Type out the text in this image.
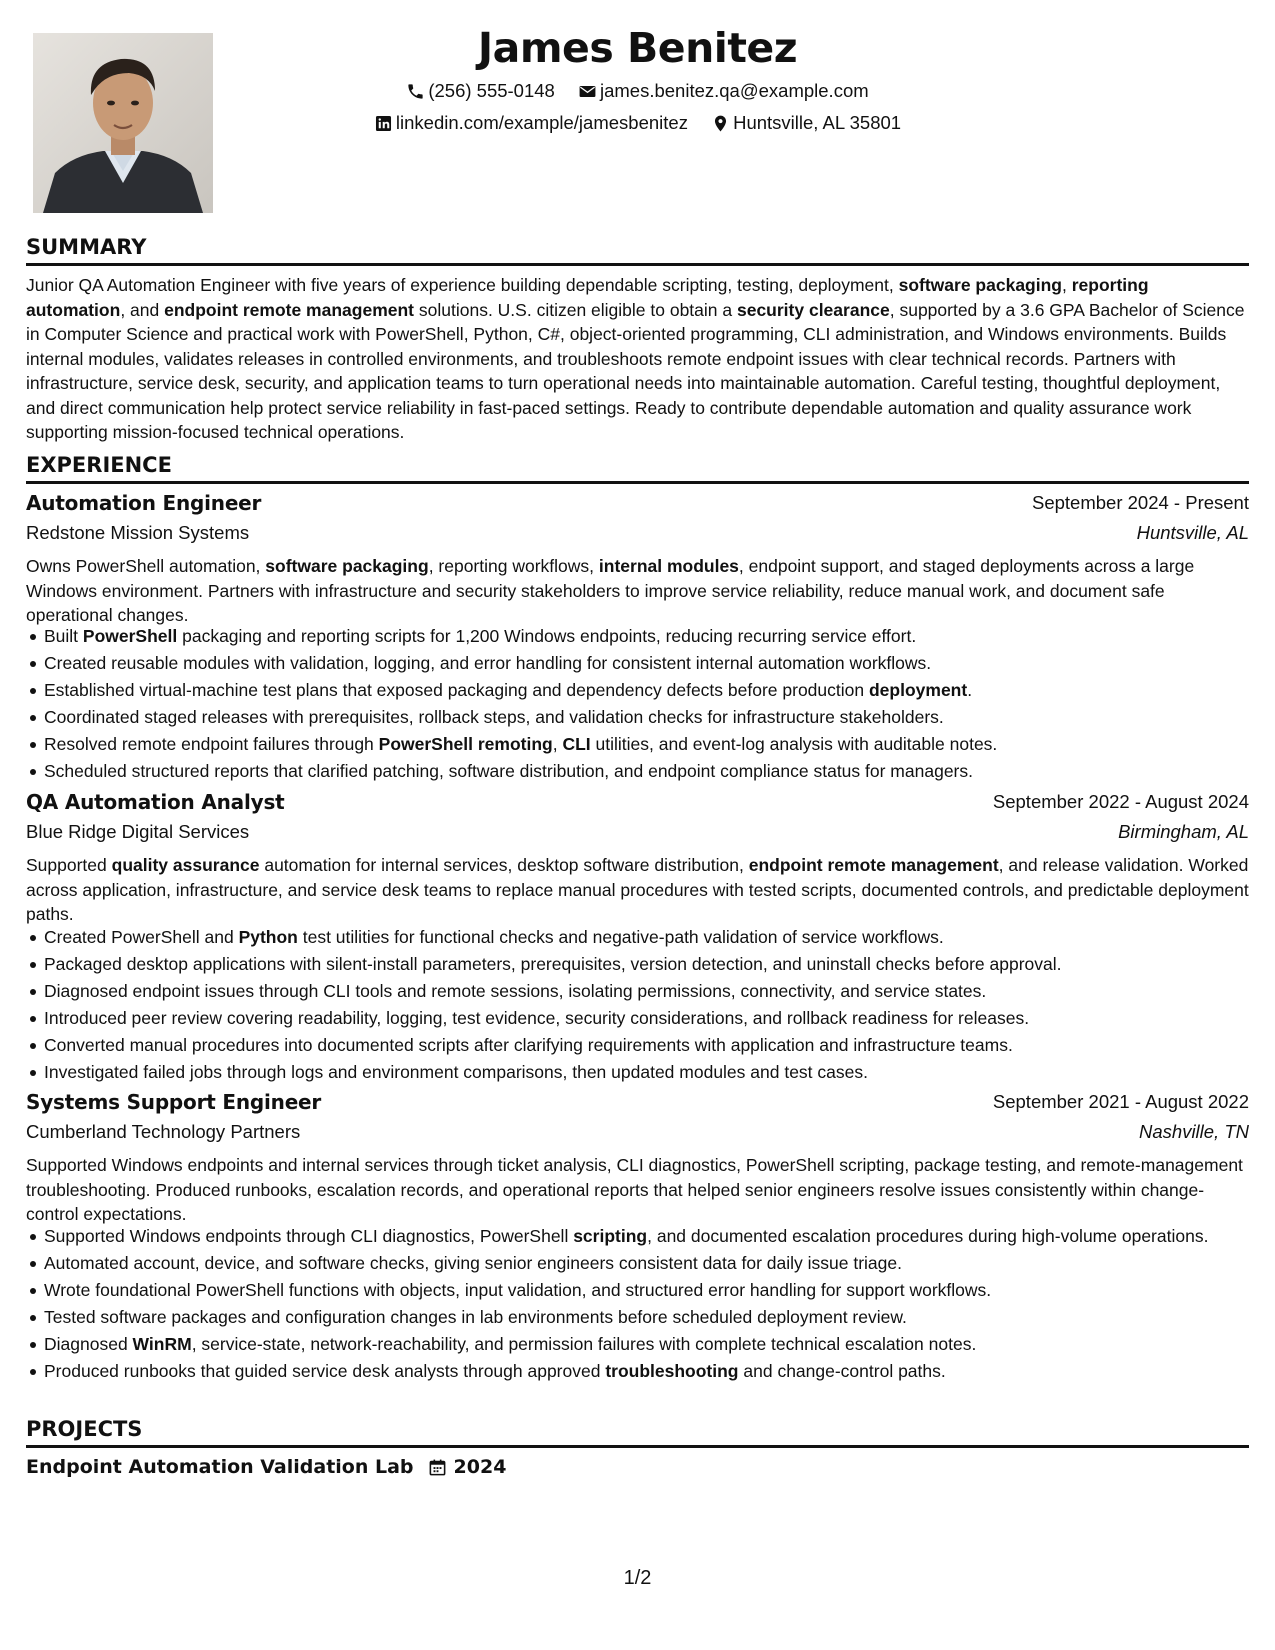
James Benitez
(256) 555-0148
james.benitez.qa@example.com
linkedin.com/example/jamesbenitez
Huntsville, AL 35801
SUMMARY
Junior QA Automation Engineer with five years of experience building dependable scripting, testing, deployment, software packaging, reporting automation, and endpoint remote management solutions. U.S. citizen eligible to obtain a security clearance, supported by a 3.6 GPA Bachelor of Science in Computer Science and practical work with PowerShell, Python, C#, object-oriented programming, CLI administration, and Windows environments. Builds internal modules, validates releases in controlled environments, and troubleshoots remote endpoint issues with clear technical records. Partners with infrastructure, service desk, security, and application teams to turn operational needs into maintainable automation. Careful testing, thoughtful deployment, and direct communication help protect service reliability in fast-paced settings. Ready to contribute dependable automation and quality assurance work supporting mission-focused technical operations.
EXPERIENCE
Automation Engineer	September 2024 - Present
Redstone Mission Systems	Huntsville, AL
Owns PowerShell automation, software packaging, reporting workflows, internal modules, endpoint support, and staged deployments across a large Windows environment. Partners with infrastructure and security stakeholders to improve service reliability, reduce manual work, and document safe operational changes.
Built PowerShell packaging and reporting scripts for 1,200 Windows endpoints, reducing recurring service effort.
Created reusable modules with validation, logging, and error handling for consistent internal automation workflows.
Established virtual-machine test plans that exposed packaging and dependency defects before production deployment.
Coordinated staged releases with prerequisites, rollback steps, and validation checks for infrastructure stakeholders.
Resolved remote endpoint failures through PowerShell remoting, CLI utilities, and event-log analysis with auditable notes.
Scheduled structured reports that clarified patching, software distribution, and endpoint compliance status for managers.
QA Automation Analyst	September 2022 - August 2024
Blue Ridge Digital Services	Birmingham, AL
Supported quality assurance automation for internal services, desktop software distribution, endpoint remote management, and release validation. Worked across application, infrastructure, and service desk teams to replace manual procedures with tested scripts, documented controls, and predictable deployment paths.
Created PowerShell and Python test utilities for functional checks and negative-path validation of service workflows.
Packaged desktop applications with silent-install parameters, prerequisites, version detection, and uninstall checks before approval.
Diagnosed endpoint issues through CLI tools and remote sessions, isolating permissions, connectivity, and service states.
Introduced peer review covering readability, logging, test evidence, security considerations, and rollback readiness for releases.
Converted manual procedures into documented scripts after clarifying requirements with application and infrastructure teams.
Investigated failed jobs through logs and environment comparisons, then updated modules and test cases.
Systems Support Engineer	September 2021 - August 2022
Cumberland Technology Partners	Nashville, TN
Supported Windows endpoints and internal services through ticket analysis, CLI diagnostics, PowerShell scripting, package testing, and remote-management troubleshooting. Produced runbooks, escalation records, and operational reports that helped senior engineers resolve issues consistently within change-control expectations.
Supported Windows endpoints through CLI diagnostics, PowerShell scripting, and documented escalation procedures during high-volume operations.
Automated account, device, and software checks, giving senior engineers consistent data for daily issue triage.
Wrote foundational PowerShell functions with objects, input validation, and structured error handling for support workflows.
Tested software packages and configuration changes in lab environments before scheduled deployment review.
Diagnosed WinRM, service-state, network-reachability, and permission failures with complete technical escalation notes.
Produced runbooks that guided service desk analysts through approved troubleshooting and change-control paths.
PROJECTS
Endpoint Automation Validation Lab 2024
1/2
